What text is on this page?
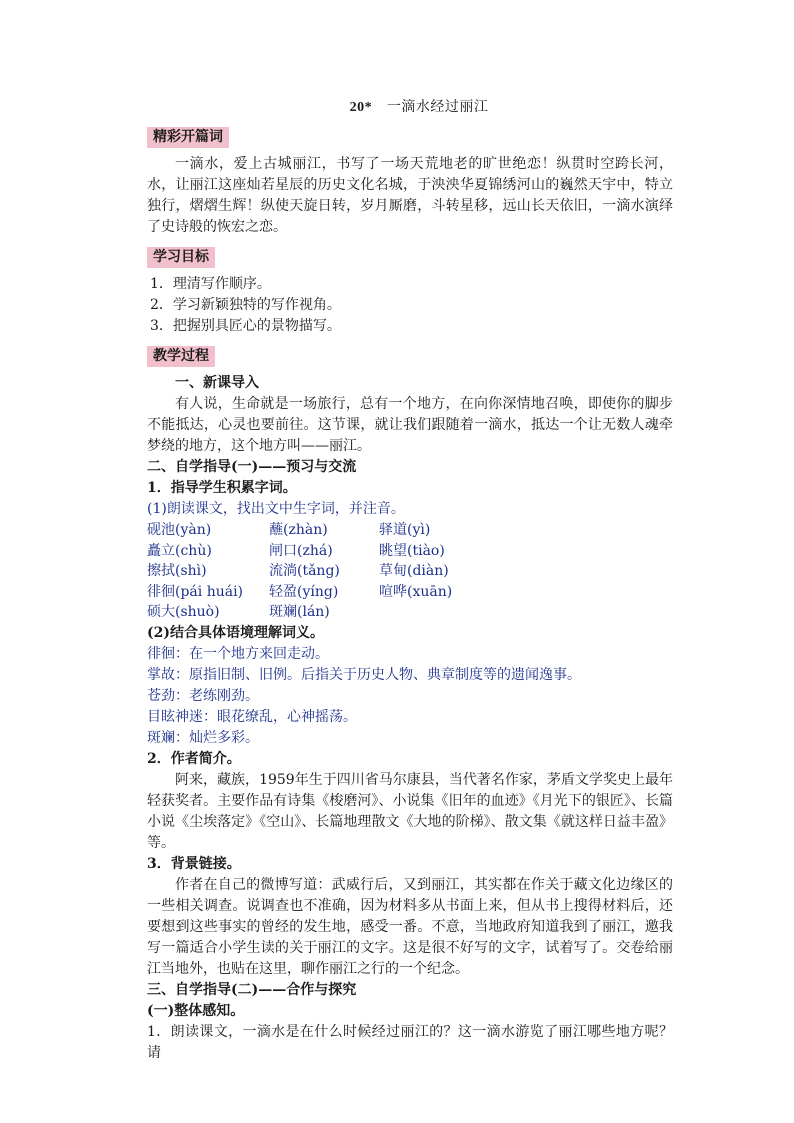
20* 一滴水经过丽江
精彩开篇词

一滴水，爱上古城丽江，书写了一场天荒地老的旷世绝恋！纵贯时空跨长河，水，让丽江这座灿若星辰的历史文化名城，于泱泱华夏锦绣河山的巍然天宇中，特立独行，熠熠生辉！纵使天旋日转，岁月厮磨，斗转星移，远山长天依旧，一滴水演绎了史诗般的恢宏之恋。

学习目标

1．理清写作顺序。

2．学习新颖独特的写作视角。

3．把握别具匠心的景物描写。

教学过程

一、新课导入

有人说，生命就是一场旅行，总有一个地方，在向你深情地召唤，即使你的脚步不能抵达，心灵也要前往。这节课，就让我们跟随着一滴水，抵达一个让无数人魂牵梦绕的地方，这个地方叫——丽江。

二、自学指导(一)——预习与交流

1．指导学生积累字词。

(1)朗读课文，找出文中生字词，并注音。

砚池(yàn)	蘸(zhàn)	驿道(yì)
矗立(chù)	闸口(zhá)	眺望(tiào)
擦拭(shì)	流淌(tǎng)	草甸(diàn)
徘徊(pái huái)	轻盈(yíng)	喧哗(xuān)
硕大(shuò)	斑斓(lán)

(2)结合具体语境理解词义。

徘徊：在一个地方来回走动。

掌故：原指旧制、旧例。后指关于历史人物、典章制度等的遗闻逸事。

苍劲：老练刚劲。

目眩神迷：眼花缭乱，心神摇荡。

斑斓：灿烂多彩。

2．作者简介。

阿来，藏族，1959年生于四川省马尔康县，当代著名作家，茅盾文学奖史上最年轻获奖者。主要作品有诗集《梭磨河》、小说集《旧年的血迹》《月光下的银匠》、长篇小说《尘埃落定》《空山》、长篇地理散文《大地的阶梯》、散文集《就这样日益丰盈》等。

3．背景链接。

作者在自己的微博写道：武威行后，又到丽江，其实都在作关于藏文化边缘区的一些相关调查。说调查也不准确，因为材料多从书面上来，但从书上搜得材料后，还要想到这些事实的曾经的发生地，感受一番。不意，当地政府知道我到了丽江，邀我写一篇适合小学生读的关于丽江的文字。这是很不好写的文字，试着写了。交卷给丽江当地外，也贴在这里，聊作丽江之行的一个纪念。

三、自学指导(二)——合作与探究

(一)整体感知。

1．朗读课文，一滴水是在什么时候经过丽江的？这一滴水游览了丽江哪些地方呢？请
